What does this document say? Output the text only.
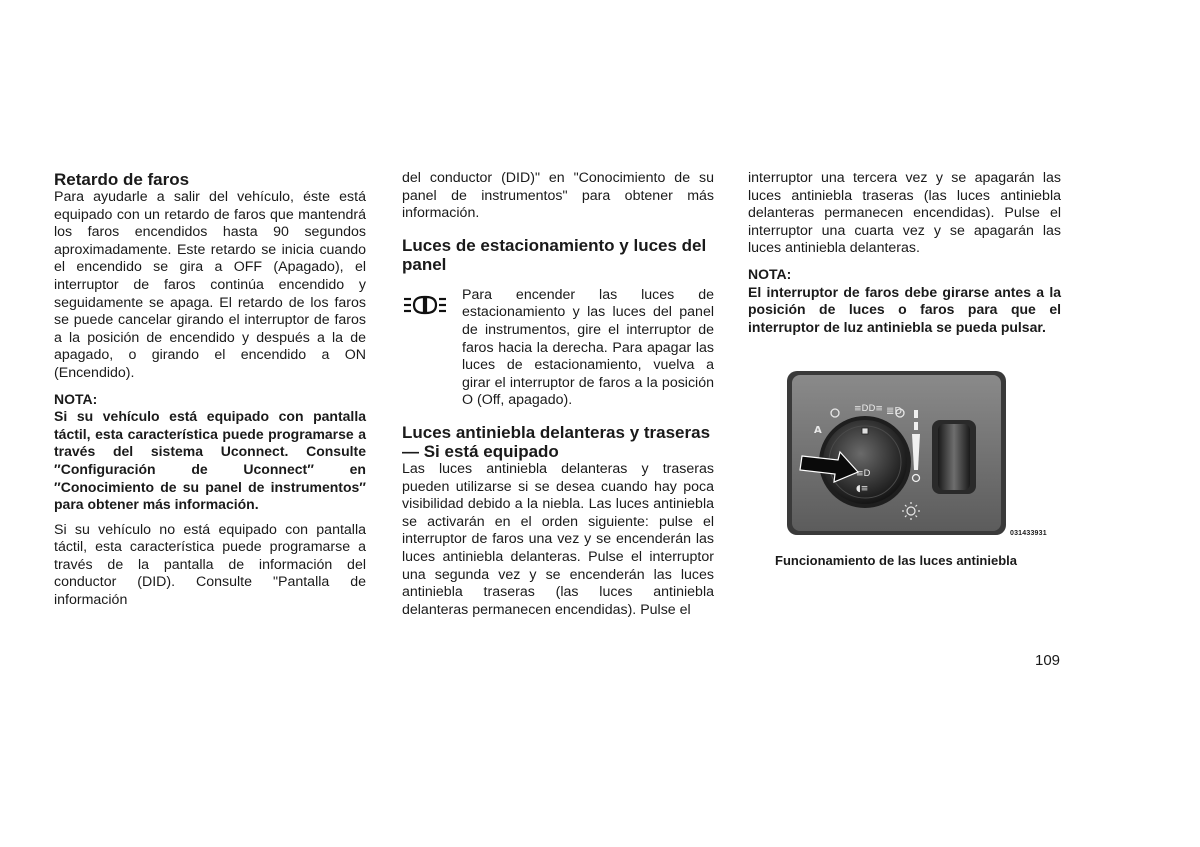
Retardo de faros

Para ayudarle a salir del vehículo, éste está equipado con un retardo de faros que mantendrá los faros encendidos hasta 90 segundos aproximadamente. Este retardo se inicia cuando el encendido se gira a OFF (Apagado), el interruptor de faros continúa encendido y seguidamente se apaga. El retardo de los faros se puede cancelar girando el interruptor de faros a la posición de encendido y después a la de apagado, o girando el encendido a ON (Encendido).

NOTA:

Si su vehículo está equipado con pantalla táctil, esta característica puede programarse a través del sistema Uconnect. Consulte ″Configuración de Uconnect″ en ″Conocimiento de su panel de instrumentos″ para obtener más información.

Si su vehículo no está equipado con pantalla táctil, esta característica puede programarse a través de la pantalla de información del conductor (DID). Consulte "Pantalla de información

del conductor (DID)" en "Conocimiento de su panel de instrumentos" para obtener más información.

Luces de estacionamiento y luces del panel

Para encender las luces de estacionamiento y las luces del panel de instrumentos, gire el interruptor de faros hacia la derecha. Para apagar las luces de estacionamiento, vuelva a girar el interruptor de faros a la posición O (Off, apagado).

Luces antiniebla delanteras y traseras — Si está equipado

Las luces antiniebla delanteras y traseras pueden utilizarse si se desea cuando hay poca visibilidad debido a la niebla. Las luces antiniebla se activarán en el orden siguiente: pulse el interruptor de faros una vez y se encenderán las luces antiniebla delanteras. Pulse el interruptor una segunda vez y se encenderán las luces antiniebla traseras (las luces antiniebla delanteras permanecen encendidas). Pulse el

interruptor una tercera vez y se apagarán las luces antiniebla traseras (las luces antiniebla delanteras permanecen encendidas). Pulse el interruptor una cuarta vez y se apagarán las luces antiniebla delanteras.

NOTA:

El interruptor de faros debe girarse antes a la posición de luces o faros para que el interruptor de luz antiniebla se pueda pulsar.

≡DD≡ ≣D
A
≡D
◖≡
031433931
Funcionamiento de las luces antiniebla
109
